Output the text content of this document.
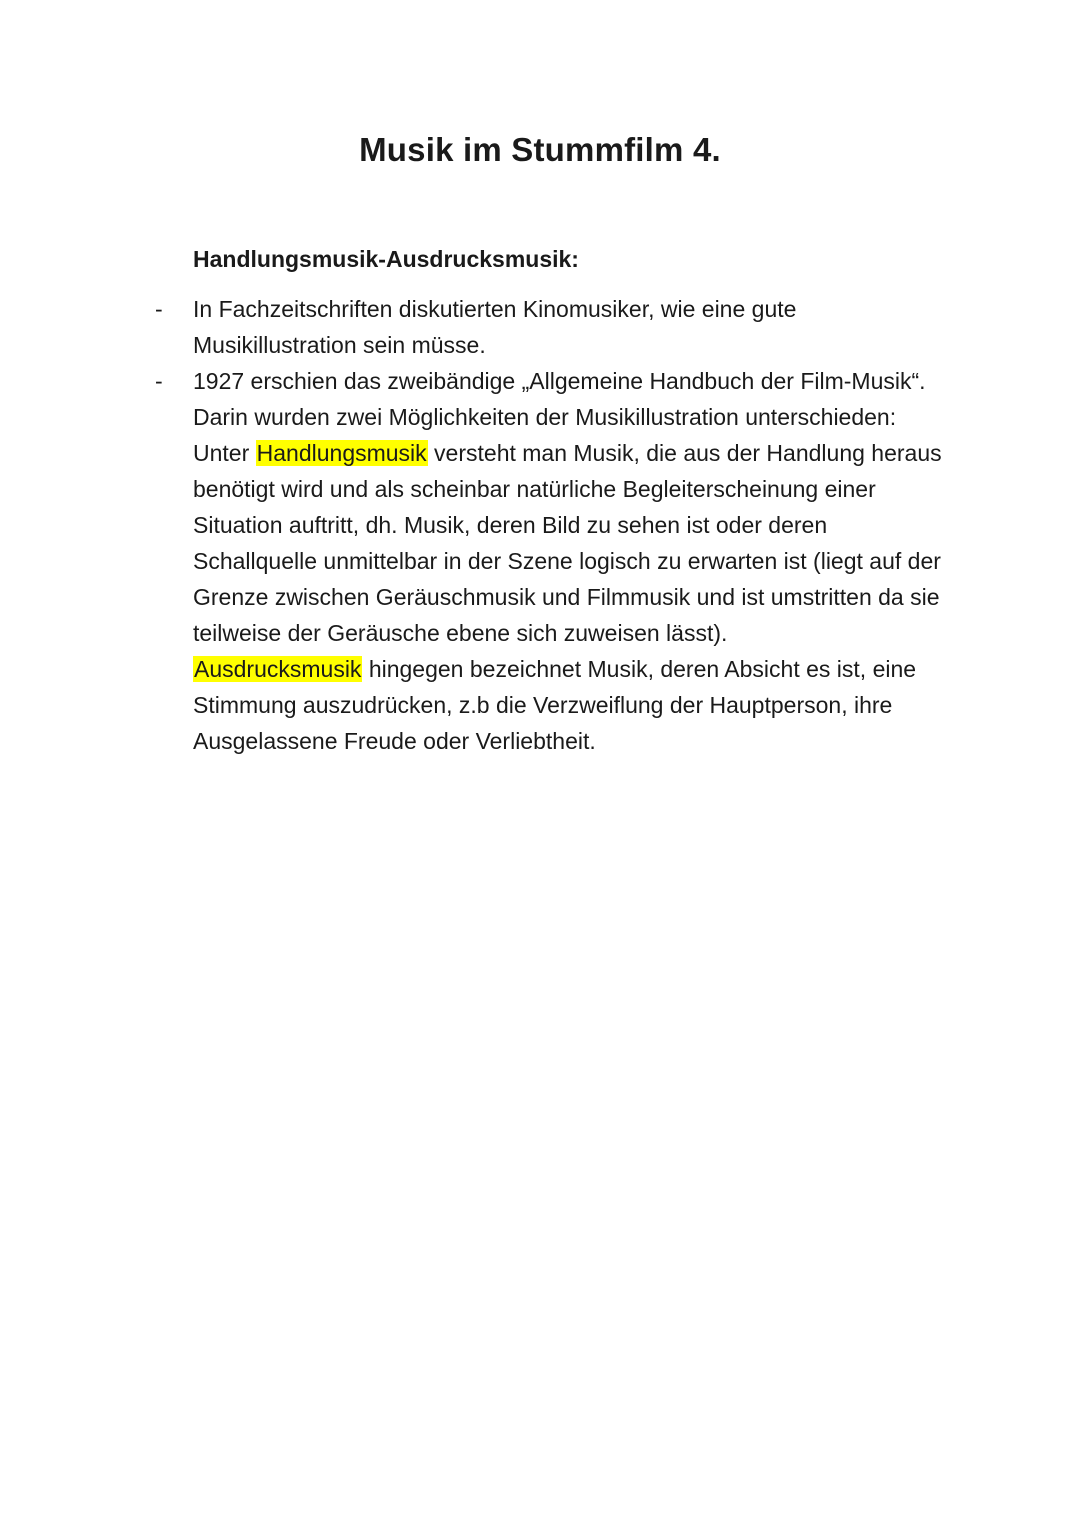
Musik im Stummfilm 4.
Handlungsmusik-Ausdrucksmusik:
- In Fachzeitschriften diskutierten Kinomusiker, wie eine gute Musikillustration sein müsse.
- 1927 erschien das zweibändige „Allgemeine Handbuch der Film-Musik“. Darin wurden zwei Möglichkeiten der Musikillustration unterschieden:

Unter Handlungsmusik versteht man Musik, die aus der Handlung heraus benötigt wird und als scheinbar natürliche Begleiterscheinung einer Situation auftritt, dh. Musik, deren Bild zu sehen ist oder deren Schallquelle unmittelbar in der Szene logisch zu erwarten ist (liegt auf der Grenze zwischen Geräuschmusik und Filmmusik und ist umstritten da sie teilweise der Geräusche ebene sich zuweisen lässt).

Ausdrucksmusik hingegen bezeichnet Musik, deren Absicht es ist, eine Stimmung auszudrücken, z.b die Verzweiflung der Hauptperson, ihre Ausgelassene Freude oder Verliebtheit.
